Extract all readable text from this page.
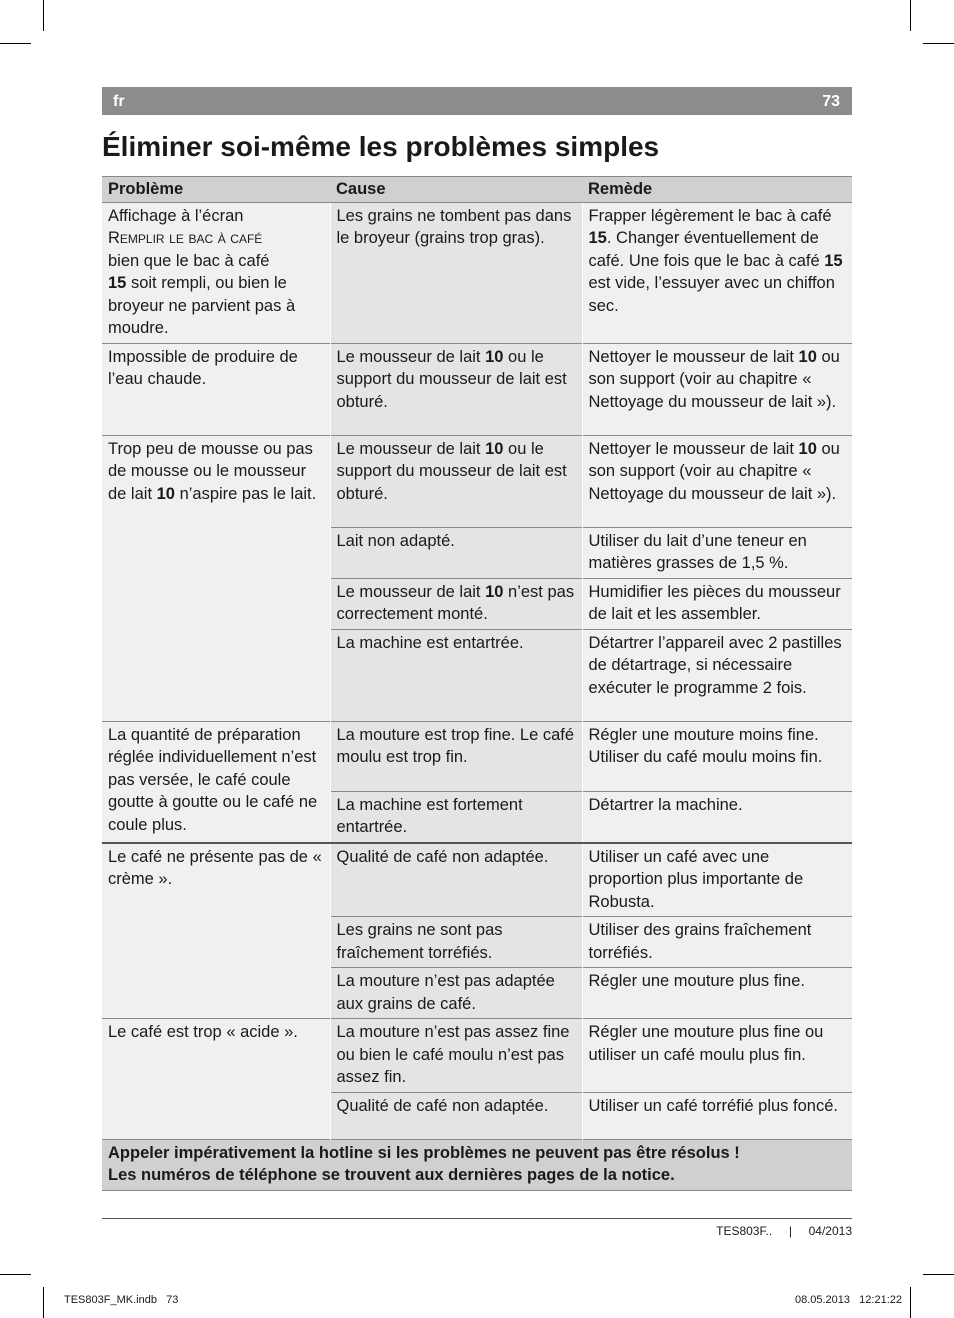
fr	73
Éliminer soi-même les problèmes simples
Problème	Cause	Remède
Affichage à l’écran
Remplir le bac à café
bien que le bac à café
15 soit rempli, ou bien le broyeur ne parvient pas à moudre.	Les grains ne tombent pas dans le broyeur (grains trop gras).	Frapper légèrement le bac à café 15. Changer éventuellement de café. Une fois que le bac à café 15 est vide, l’essuyer avec un chiffon sec.
Impossible de produire de l’eau chaude.	Le mousseur de lait 10 ou le support du mousseur de lait est obturé.	Nettoyer le mousseur de lait 10 ou son support (voir au chapitre « Nettoyage du mousseur de lait »).
Trop peu de mousse ou pas de mousse ou le mousseur de lait 10 n’aspire pas le lait.	Le mousseur de lait 10 ou le support du mousseur de lait est obturé.	Nettoyer le mousseur de lait 10 ou son support (voir au chapitre « Nettoyage du mousseur de lait »).
	Lait non adapté.	Utiliser du lait d’une teneur en matières grasses de 1,5 %.
	Le mousseur de lait 10 n’est pas correctement monté.	Humidifier les pièces du mousseur de lait et les assembler.
	La machine est entartrée.	Détartrer l’appareil avec 2 pastilles de détartrage, si nécessaire exécuter le programme 2 fois.
La quantité de préparation réglée individuellement n’est pas versée, le café coule goutte à goutte ou le café ne coule plus.	La mouture est trop fine. Le café moulu est trop fin.	Régler une mouture moins fine. Utiliser du café moulu moins fin.
	La machine est fortement entartrée.	Détartrer la machine.
Le café ne présente pas de « crème ».	Qualité de café non adaptée.	Utiliser un café avec une proportion plus importante de Robusta.
	Les grains ne sont pas fraîchement torréfiés.	Utiliser des grains fraîchement torréfiés.
	La mouture n’est pas adaptée aux grains de café.	Régler une mouture plus fine.
Le café est trop « acide ».	La mouture n’est pas assez fine ou bien le café moulu n’est pas assez fin.	Régler une mouture plus fine ou utiliser un café moulu plus fin.
	Qualité de café non adaptée.	Utiliser un café torréfié plus foncé.
Appeler impérativement la hotline si les problèmes ne peuvent pas être résolus !
Les numéros de téléphone se trouvent aux dernières pages de la notice.		
TES803F..     |     04/2013
TES803F_MK.indb   73	08.05.2013   12:21:22
